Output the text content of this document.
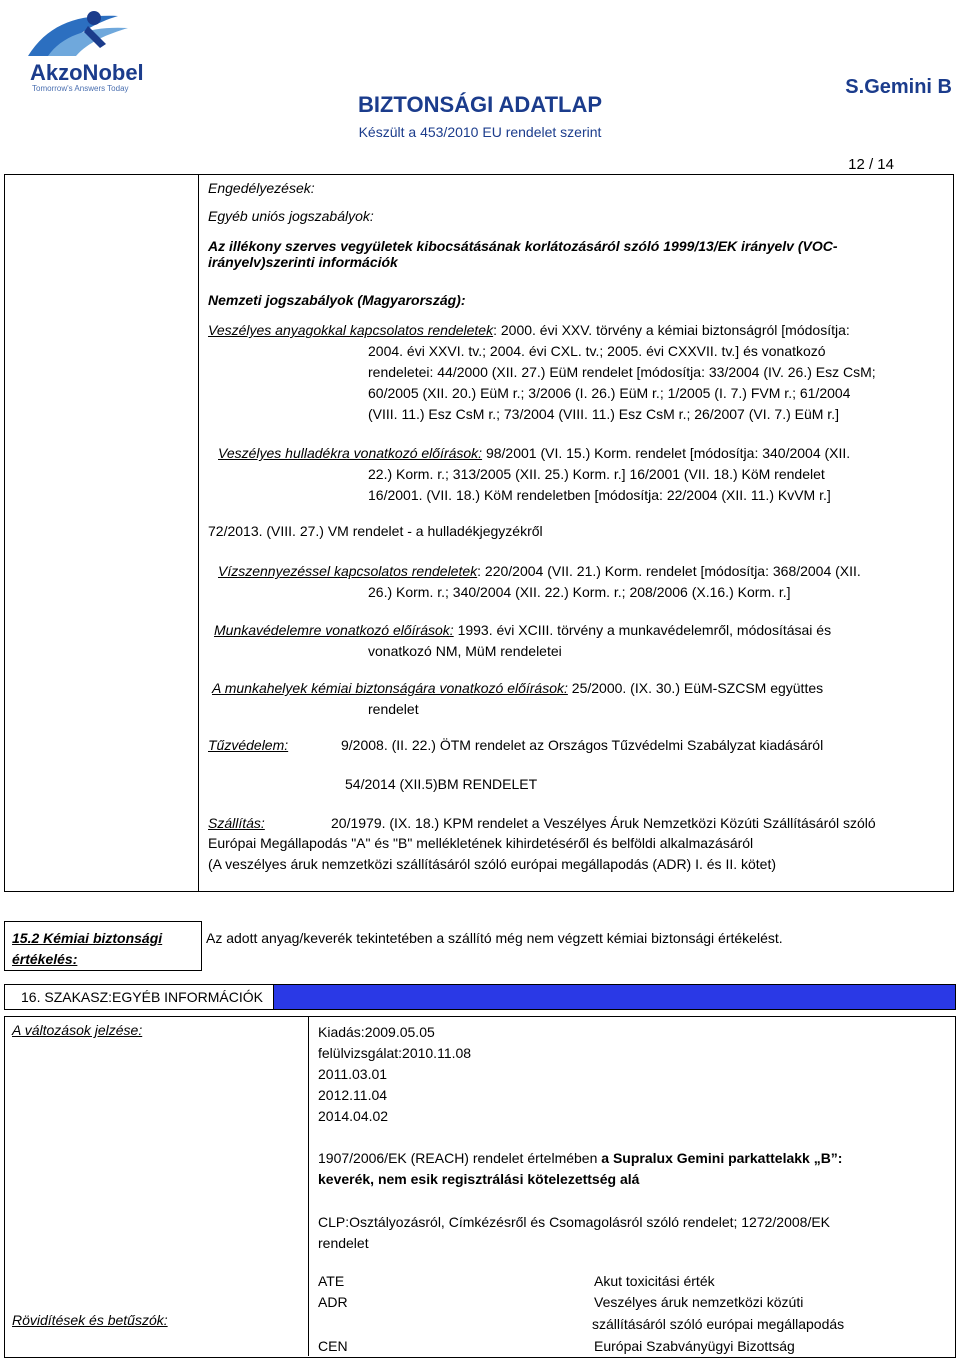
AkzoNobel
Tomorrow's Answers Today	S.Gemini B
BIZTONSÁGI ADATLAP
Készült a 453/2010 EU rendelet szerint
12 / 14
Engedélyezések:
Egyéb uniós jogszabályok:
Az illékony szerves vegyületek kibocsátásának korlátozásáról szóló 1999/13/EK irányelv (VOC-
irányelv)szerinti információk
Nemzeti jogszabályok (Magyarország):
Veszélyes anyagokkal kapcsolatos rendeletek: 2000. évi XXV. törvény a kémiai biztonságról [módosítja:
2004. évi XXVI. tv.; 2004. évi CXL. tv.; 2005. évi CXXVII. tv.] és vonatkozó
rendeletei: 44/2000 (XII. 27.) EüM rendelet [módosítja: 33/2004 (IV. 26.) Esz CsM;
60/2005 (XII. 20.) EüM r.; 3/2006 (I. 26.) EüM r.; 1/2005 (I. 7.) FVM r.; 61/2004
(VIII. 11.) Esz CsM r.; 73/2004 (VIII. 11.) Esz CsM r.; 26/2007 (VI. 7.) EüM r.]
Veszélyes hulladékra vonatkozó előírások: 98/2001 (VI. 15.) Korm. rendelet [módosítja: 340/2004 (XII.
22.) Korm. r.; 313/2005 (XII. 25.) Korm. r.] 16/2001 (VII. 18.) KöM rendelet
16/2001. (VII. 18.) KöM rendeletben [módosítja: 22/2004 (XII. 11.) KvVM r.]
72/2013. (VIII. 27.) VM rendelet - a hulladékjegyzékről
Vízszennyezéssel kapcsolatos rendeletek: 220/2004 (VII. 21.) Korm. rendelet [módosítja: 368/2004 (XII.
26.) Korm. r.; 340/2004 (XII. 22.) Korm. r.; 208/2006 (X.16.) Korm. r.]
Munkavédelemre vonatkozó előírások: 1993. évi XCIII. törvény a munkavédelemről, módosításai és
vonatkozó NM, MüM rendeletei
A munkahelyek kémiai biztonságára vonatkozó előírások: 25/2000. (IX. 30.) EüM-SZCSM együttes
rendelet
Tűzvédelem:	9/2008. (II. 22.) ÖTM rendelet az Országos Tűzvédelmi Szabályzat kiadásáról
54/2014 (XII.5)BM RENDELET
Szállítás:	20/1979. (IX. 18.) KPM rendelet a Veszélyes Áruk Nemzetközi Közúti Szállításáról szóló
Európai Megállapodás "A" és "B" mellékletének kihirdetéséről és belföldi alkalmazásáról
(A veszélyes áruk nemzetközi szállításáról szóló európai megállapodás (ADR) I. és II. kötet)
15.2 Kémiai biztonsági
értékelés:
Az adott anyag/keverék tekintetében a szállító még nem végzett kémiai biztonsági értékelést.
16. SZAKASZ:EGYÉB INFORMÁCIÓK
A változások jelzése:	Kiadás:2009.05.05
felülvizsgálat:2010.11.08
2011.03.01
2012.11.04
2014.04.02
1907/2006/EK (REACH) rendelet értelmében a Supralux Gemini parkattelakk „B”:
keverék, nem esik regisztrálási kötelezettség alá
CLP:Osztályozásról, Címkézésről és Csomagolásról szóló rendelet; 1272/2008/EK
rendelet
Rövidítések és betűszók:
ATE	Akut toxicitási érték
ADR	Veszélyes áruk nemzetközi közúti
szállításáról szóló európai megállapodás
CEN	Európai Szabványügyi Bizottság
